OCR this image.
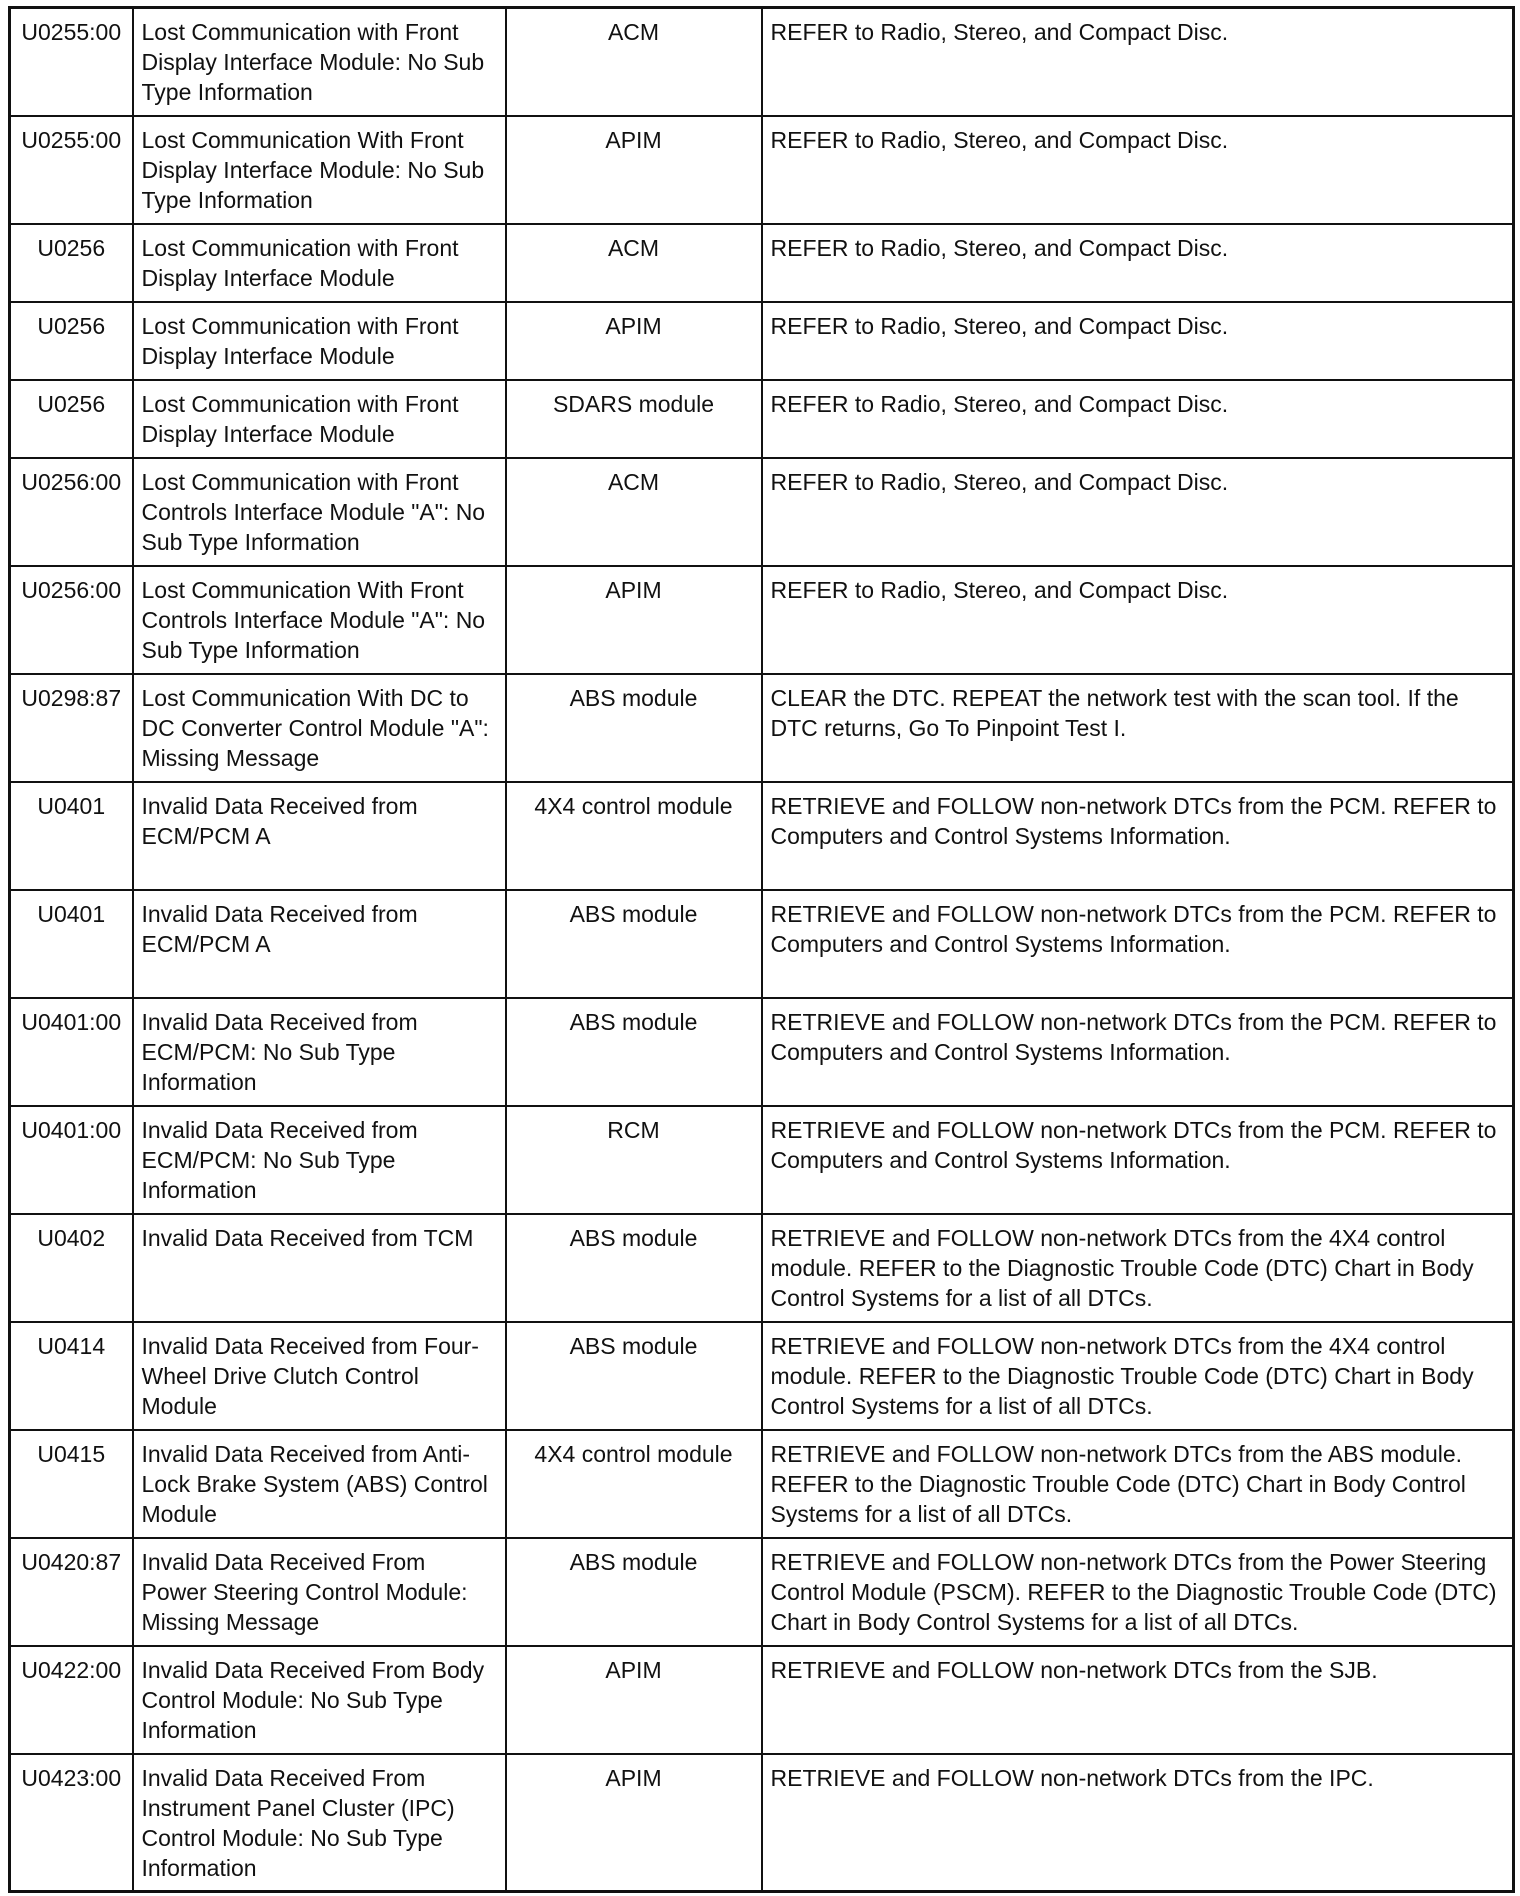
U0255:00	Lost Communication with Front Display Interface Module: No Sub Type Information	ACM	REFER to Radio, Stereo, and Compact Disc.
U0255:00	Lost Communication With Front Display Interface Module: No Sub Type Information	APIM	REFER to Radio, Stereo, and Compact Disc.
U0256	Lost Communication with Front Display Interface Module	ACM	REFER to Radio, Stereo, and Compact Disc.
U0256	Lost Communication with Front Display Interface Module	APIM	REFER to Radio, Stereo, and Compact Disc.
U0256	Lost Communication with Front Display Interface Module	SDARS module	REFER to Radio, Stereo, and Compact Disc.
U0256:00	Lost Communication with Front Controls Interface Module "A": No Sub Type Information	ACM	REFER to Radio, Stereo, and Compact Disc.
U0256:00	Lost Communication With Front Controls Interface Module "A": No Sub Type Information	APIM	REFER to Radio, Stereo, and Compact Disc.
U0298:87	Lost Communication With DC to DC Converter Control Module "A": Missing Message	ABS module	CLEAR the DTC. REPEAT the network test with the scan tool. If the DTC returns, Go To Pinpoint Test I.
U0401	Invalid Data Received from ECM/PCM A	4X4 control module	RETRIEVE and FOLLOW non-network DTCs from the PCM. REFER to Computers and Control Systems Information.
U0401	Invalid Data Received from ECM/PCM A	ABS module	RETRIEVE and FOLLOW non-network DTCs from the PCM. REFER to Computers and Control Systems Information.
U0401:00	Invalid Data Received from ECM/PCM: No Sub Type Information	ABS module	RETRIEVE and FOLLOW non-network DTCs from the PCM. REFER to Computers and Control Systems Information.
U0401:00	Invalid Data Received from ECM/PCM: No Sub Type Information	RCM	RETRIEVE and FOLLOW non-network DTCs from the PCM. REFER to Computers and Control Systems Information.
U0402	Invalid Data Received from TCM	ABS module	RETRIEVE and FOLLOW non-network DTCs from the 4X4 control module. REFER to the Diagnostic Trouble Code (DTC) Chart in Body Control Systems for a list of all DTCs.
U0414	Invalid Data Received from Four-Wheel Drive Clutch Control Module	ABS module	RETRIEVE and FOLLOW non-network DTCs from the 4X4 control module. REFER to the Diagnostic Trouble Code (DTC) Chart in Body Control Systems for a list of all DTCs.
U0415	Invalid Data Received from Anti-Lock Brake System (ABS) Control Module	4X4 control module	RETRIEVE and FOLLOW non-network DTCs from the ABS module. REFER to the Diagnostic Trouble Code (DTC) Chart in Body Control Systems for a list of all DTCs.
U0420:87	Invalid Data Received From Power Steering Control Module: Missing Message	ABS module	RETRIEVE and FOLLOW non-network DTCs from the Power Steering Control Module (PSCM). REFER to the Diagnostic Trouble Code (DTC) Chart in Body Control Systems for a list of all DTCs.
U0422:00	Invalid Data Received From Body Control Module: No Sub Type Information	APIM	RETRIEVE and FOLLOW non-network DTCs from the SJB.
U0423:00	Invalid Data Received From Instrument Panel Cluster (IPC) Control Module: No Sub Type Information	APIM	RETRIEVE and FOLLOW non-network DTCs from the IPC.
